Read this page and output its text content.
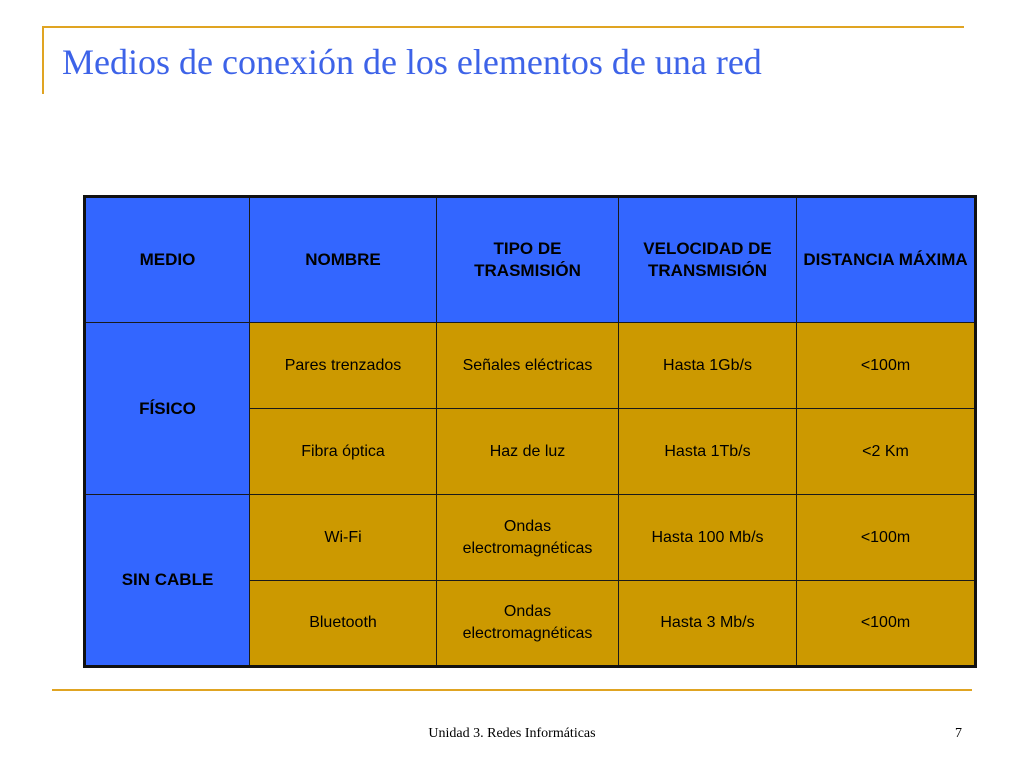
Medios de conexión de los elementos de una red
MEDIO	NOMBRE	TIPO DE TRASMISIÓN	VELOCIDAD DE TRANSMISIÓN	DISTANCIA MÁXIMA
FÍSICO	Pares trenzados	Señales eléctricas	Hasta 1Gb/s	<100m
	Fibra óptica	Haz de luz	Hasta 1Tb/s	<2 Km
SIN CABLE	Wi-Fi	Ondas electromagnéticas	Hasta 100 Mb/s	<100m
	Bluetooth	Ondas electromagnéticas	Hasta 3 Mb/s	<100m
Unidad 3. Redes Informáticas	7
